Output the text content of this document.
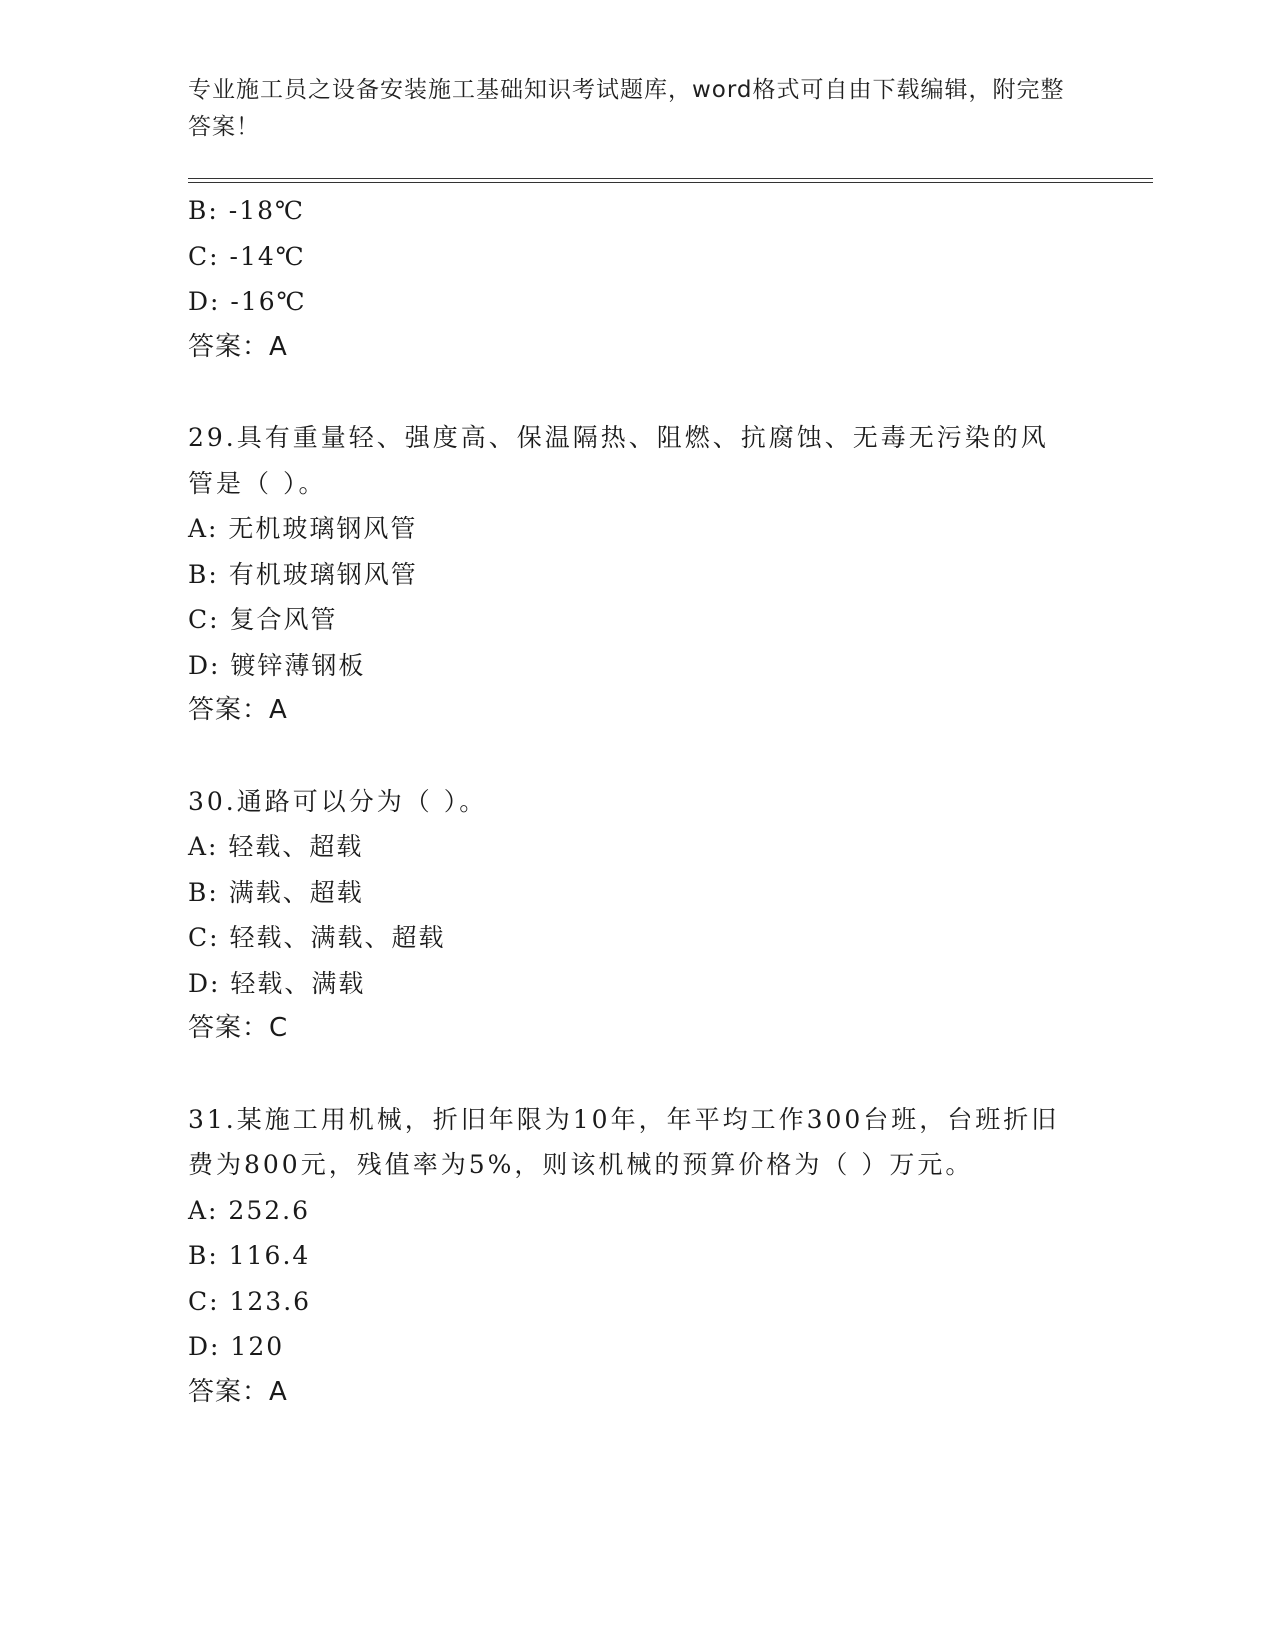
专业施工员之设备安装施工基础知识考试题库，word格式可自由下载编辑，附完整答案！
B: -18℃
C: -14℃
D: -16℃
答案：A
29.具有重量轻、强度高、保温隔热、阻燃、抗腐蚀、无毒无污染的风管是（ ）。
A: 无机玻璃钢风管
B: 有机玻璃钢风管
C: 复合风管
D: 镀锌薄钢板
答案：A
30.通路可以分为（ ）。
A: 轻载、超载
B: 满载、超载
C: 轻载、满载、超载
D: 轻载、满载
答案：C
31.某施工用机械，折旧年限为10年，年平均工作300台班，台班折旧费为800元，残值率为5%，则该机械的预算价格为（ ）万元。
A: 252.6
B: 116.4
C: 123.6
D: 120
答案：A
